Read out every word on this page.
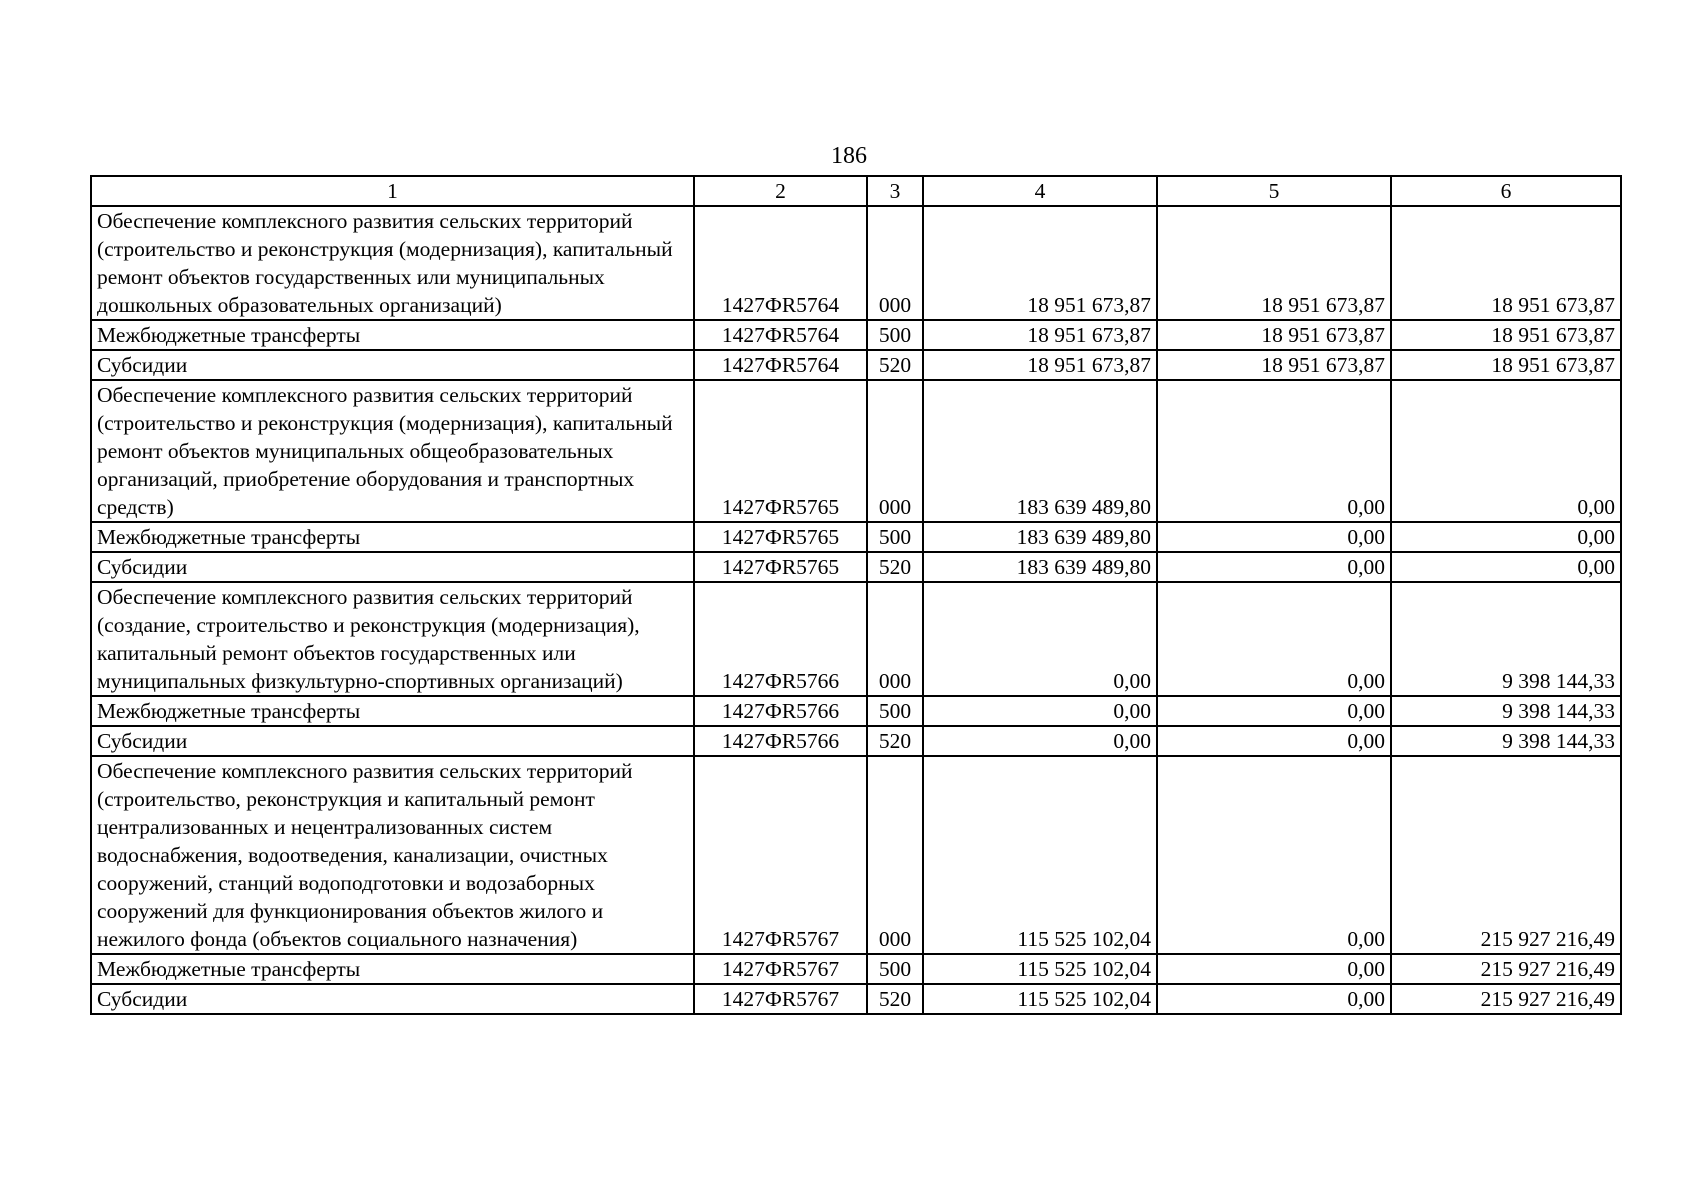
186
1	2	3	4	5	6
Обеспечение комплексного развития сельских территорий (строительство и реконструкция (модернизация), капитальный ремонт объектов государственных или муниципальных дошкольных образовательных организаций)	1427ФR5764	000	18 951 673,87	18 951 673,87	18 951 673,87
Межбюджетные трансферты	1427ФR5764	500	18 951 673,87	18 951 673,87	18 951 673,87
Субсидии	1427ФR5764	520	18 951 673,87	18 951 673,87	18 951 673,87
Обеспечение комплексного развития сельских территорий (строительство и реконструкция (модернизация), капитальный ремонт объектов муниципальных общеобразовательных организаций, приобретение оборудования и транспортных средств)	1427ФR5765	000	183 639 489,80	0,00	0,00
Межбюджетные трансферты	1427ФR5765	500	183 639 489,80	0,00	0,00
Субсидии	1427ФR5765	520	183 639 489,80	0,00	0,00
Обеспечение комплексного развития сельских территорий (создание, строительство и реконструкция (модернизация), капитальный ремонт объектов государственных или муниципальных физкультурно-спортивных организаций)	1427ФR5766	000	0,00	0,00	9 398 144,33
Межбюджетные трансферты	1427ФR5766	500	0,00	0,00	9 398 144,33
Субсидии	1427ФR5766	520	0,00	0,00	9 398 144,33
Обеспечение комплексного развития сельских территорий (строительство, реконструкция и капитальный ремонт централизованных и нецентрализованных систем водоснабжения, водоотведения, канализации, очистных сооружений, станций водоподготовки и водозаборных сооружений для функционирования объектов жилого и нежилого фонда (объектов социального назначения)	1427ФR5767	000	115 525 102,04	0,00	215 927 216,49
Межбюджетные трансферты	1427ФR5767	500	115 525 102,04	0,00	215 927 216,49
Субсидии	1427ФR5767	520	115 525 102,04	0,00	215 927 216,49
